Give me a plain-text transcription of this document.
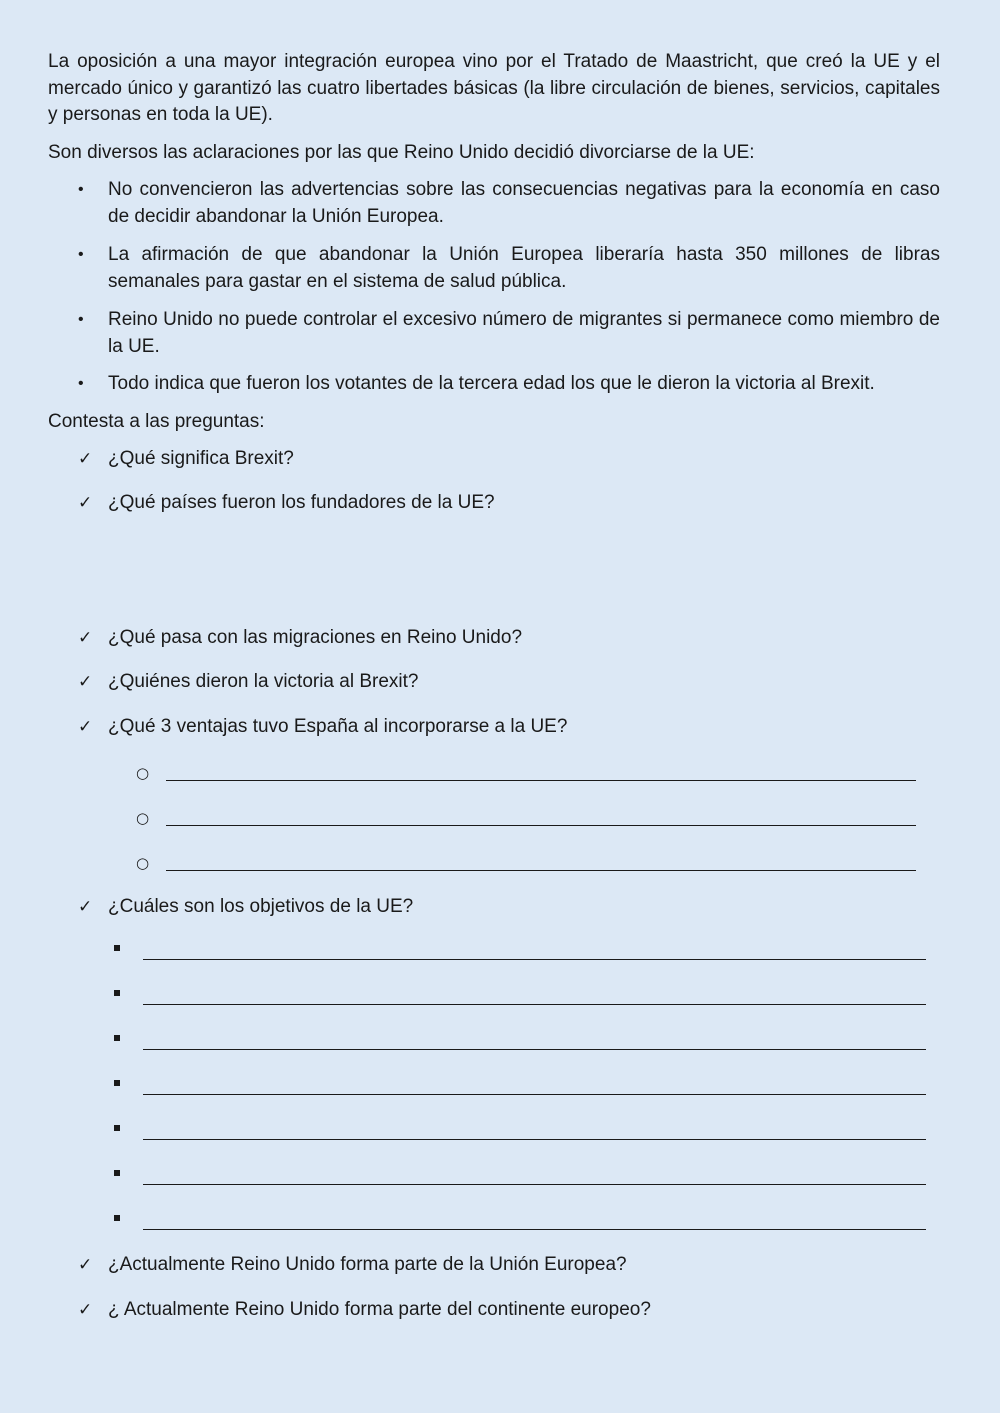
La oposición a una mayor integración europea vino por el Tratado de Maastricht, que creó la UE y el mercado único y garantizó las cuatro libertades básicas (la libre circulación de bienes, servicios, capitales y personas en toda la UE).

Son diversos las aclaraciones por las que Reino Unido decidió divorciarse de la UE:

• No convencieron las advertencias sobre las consecuencias negativas para la economía en caso de decidir abandonar la Unión Europea.
• La afirmación de que abandonar la Unión Europea liberaría hasta 350 millones de libras semanales para gastar en el sistema de salud pública.
• Reino Unido no puede controlar el excesivo número de migrantes si permanece como miembro de la UE.
• Todo indica que fueron los votantes de la tercera edad los que le dieron la victoria al Brexit.

Contesta a las preguntas:

✓ ¿Qué significa Brexit?
✓ ¿Qué países fueron los fundadores de la UE?
✓ ¿Qué pasa con las migraciones en Reino Unido?
✓ ¿Quiénes dieron la victoria al Brexit?
✓ ¿Qué 3 ventajas tuvo España al incorporarse a la UE?
○
○
○
✓ ¿Cuáles son los objetivos de la UE?
✓ ¿Actualmente Reino Unido forma parte de la Unión Europea?
✓ ¿ Actualmente Reino Unido forma parte del continente europeo?
